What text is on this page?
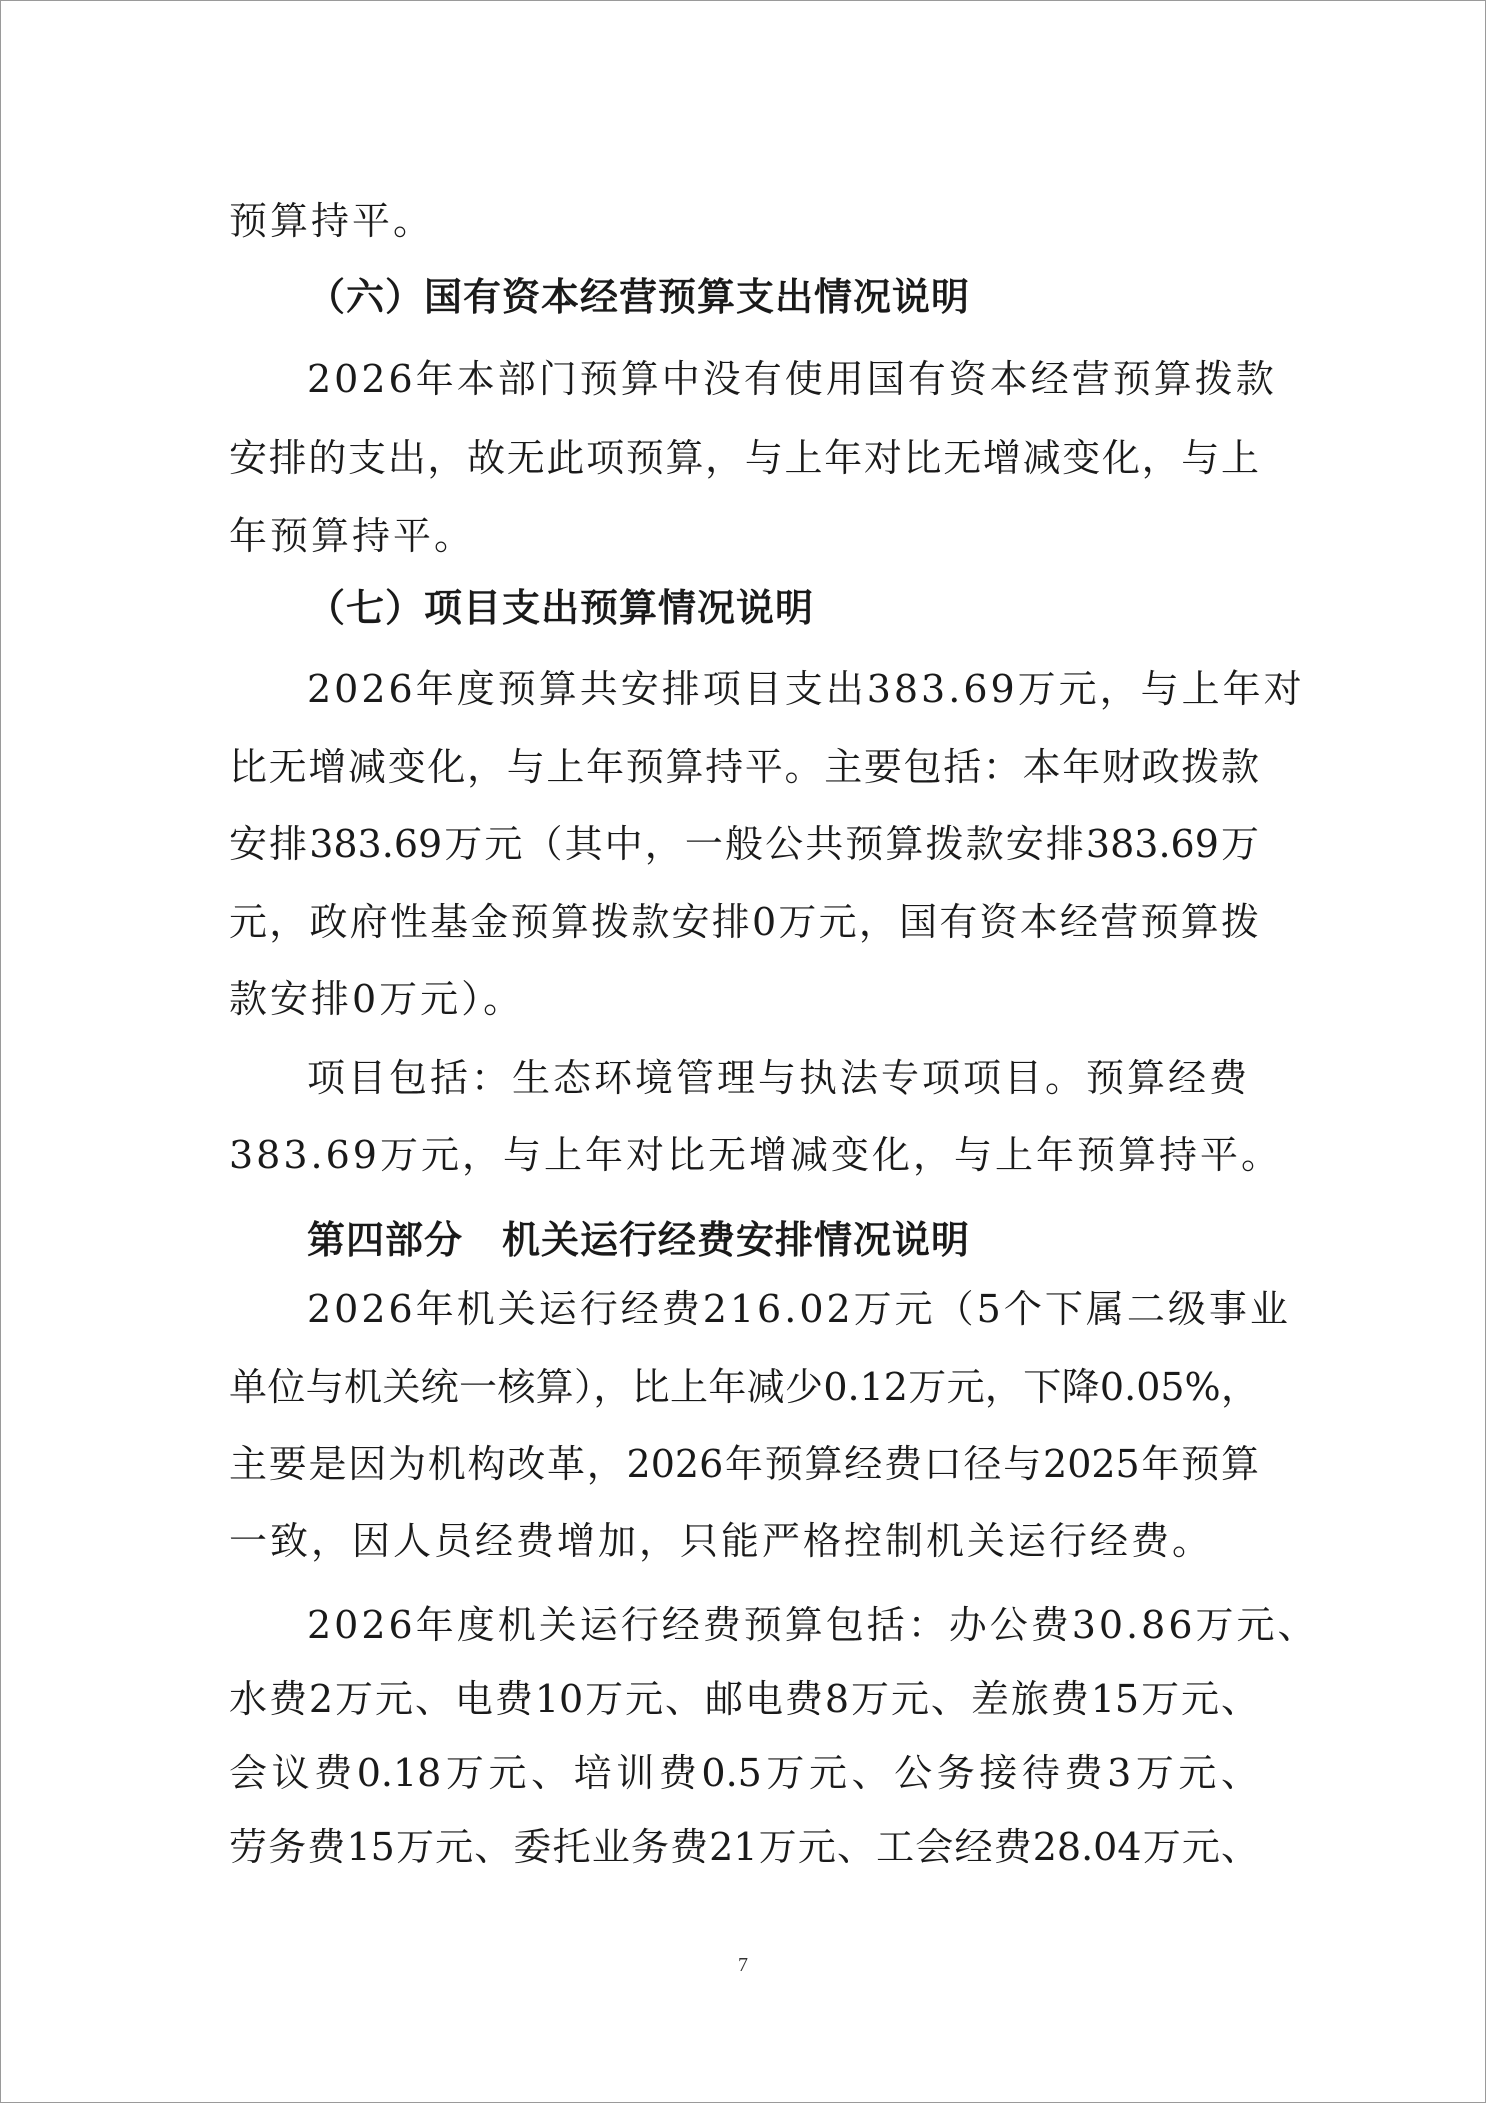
预算持平。
（六）国有资本经营预算支出情况说明
2026年本部门预算中没有使用国有资本经营预算拨款
安排的支出，故无此项预算，与上年对比无增减变化，与上
年预算持平。
（七）项目支出预算情况说明
2026年度预算共安排项目支出383.69万元，与上年对
比无增减变化，与上年预算持平。主要包括：本年财政拨款
安排383.69万元（其中，一般公共预算拨款安排383.69万
元，政府性基金预算拨款安排0万元，国有资本经营预算拨
款安排0万元）。
项目包括：生态环境管理与执法专项项目。预算经费
383.69万元，与上年对比无增减变化，与上年预算持平。
第四部分　机关运行经费安排情况说明
2026年机关运行经费216.02万元（5个下属二级事业
单位与机关统一核算），比上年减少0.12万元，下降0.05%，
主要是因为机构改革，2026年预算经费口径与2025年预算
一致，因人员经费增加，只能严格控制机关运行经费。
2026年度机关运行经费预算包括：办公费30.86万元、
水费2万元、电费10万元、邮电费8万元、差旅费15万元、
会议费0.18万元、培训费0.5万元、公务接待费3万元、
劳务费15万元、委托业务费21万元、工会经费28.04万元、
7
